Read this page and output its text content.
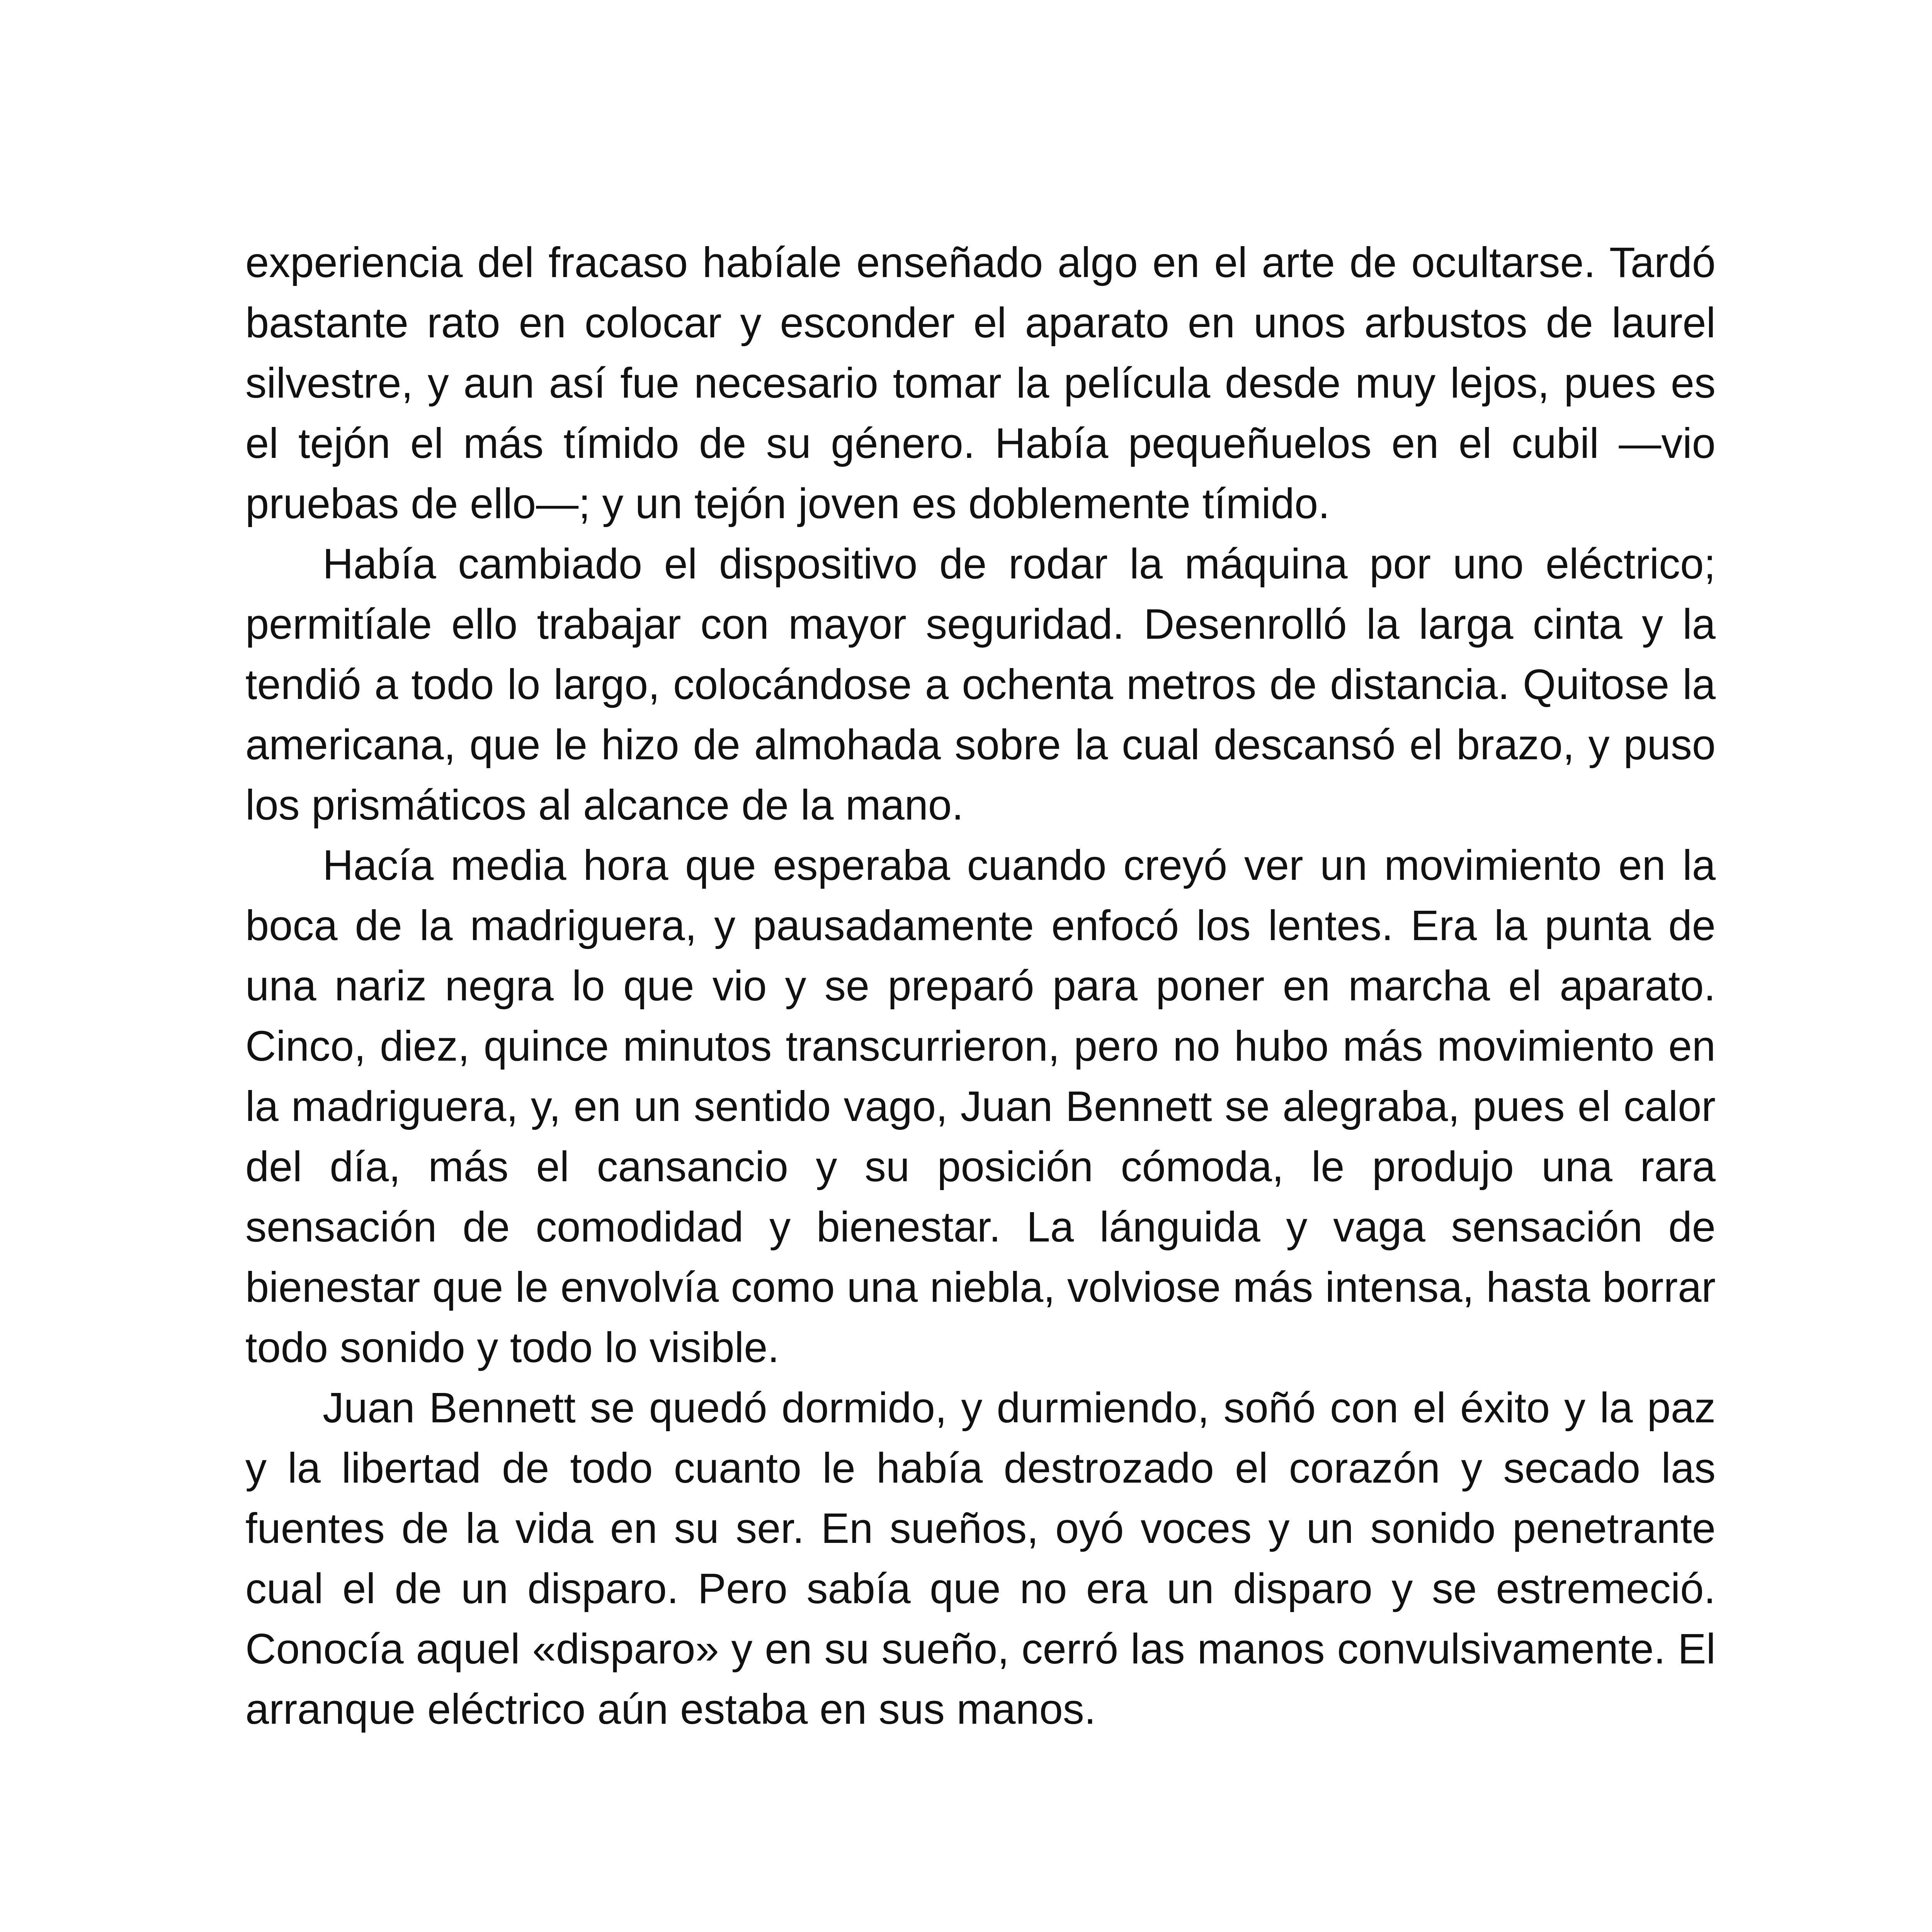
experiencia del fracaso habíale enseñado algo en el arte de ocultarse. Tardó bastante rato en colocar y esconder el aparato en unos arbustos de laurel silvestre, y aun así fue necesario tomar la película desde muy lejos, pues es el tejón el más tímido de su género. Había pequeñuelos en el cubil —vio pruebas de ello—; y un tejón joven es doblemente tímido.

Había cambiado el dispositivo de rodar la máquina por uno eléctrico; permitíale ello trabajar con mayor seguridad. Desenrolló la larga cinta y la tendió a todo lo largo, colocándose a ochenta metros de distancia. Quitose la americana, que le hizo de almohada sobre la cual descansó el brazo, y puso los prismáticos al alcance de la mano.

Hacía media hora que esperaba cuando creyó ver un movimiento en la boca de la madriguera, y pausadamente enfocó los lentes. Era la punta de una nariz negra lo que vio y se preparó para poner en marcha el aparato. Cinco, diez, quince minutos transcurrieron, pero no hubo más movimiento en la madriguera, y, en un sentido vago, Juan Bennett se alegraba, pues el calor del día, más el cansancio y su posición cómoda, le produjo una rara sensación de comodidad y bienestar. La lánguida y vaga sensación de bienestar que le envolvía como una niebla, volviose más intensa, hasta borrar todo sonido y todo lo visible.

Juan Bennett se quedó dormido, y durmiendo, soñó con el éxito y la paz y la libertad de todo cuanto le había destrozado el corazón y secado las fuentes de la vida en su ser. En sueños, oyó voces y un sonido penetrante cual el de un disparo. Pero sabía que no era un disparo y se estremeció. Conocía aquel «disparo» y en su sueño, cerró las manos convulsivamente. El arranque eléctrico aún estaba en sus manos.
